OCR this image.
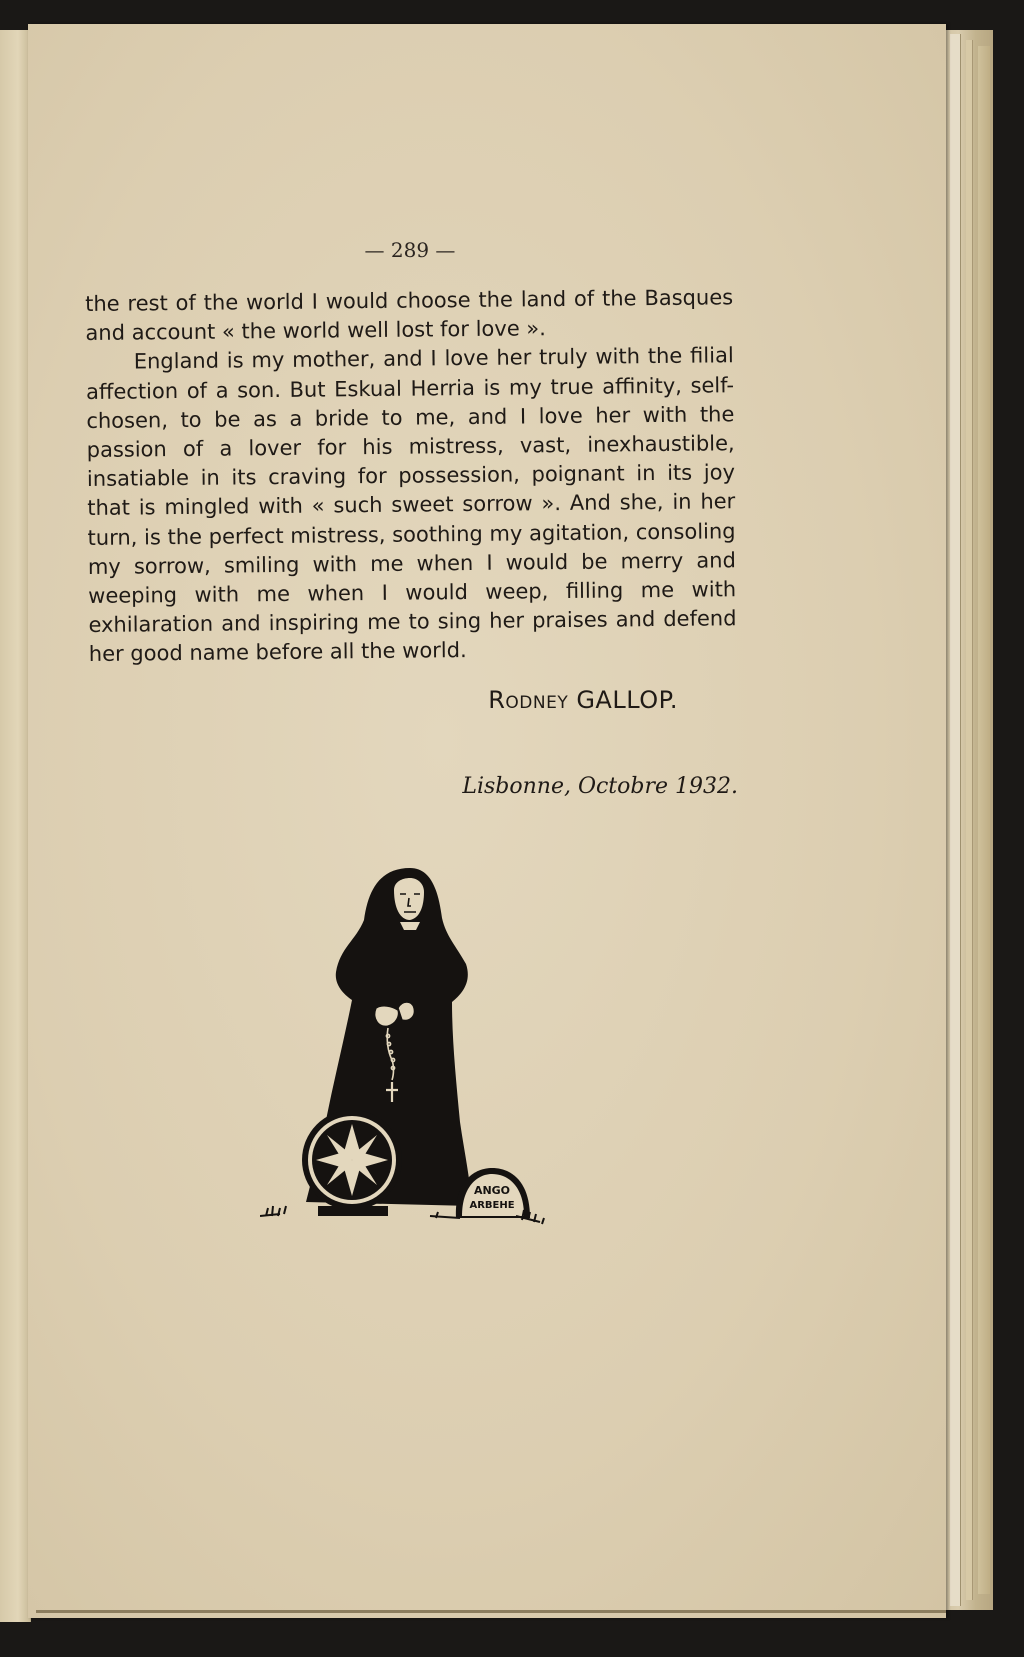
— 289 —

the rest of the world I would choose the land of the Basques and account « the world well lost for love ».

England is my mother, and I love her truly with the filial affection of a son. But Eskual Herria is my true affinity, self-chosen, to be as a bride to me, and I love her with the passion of a lover for his mistress, vast, inexhaustible, insatiable in its craving for possession, poignant in its joy that is mingled with « such sweet sorrow ». And she, in her turn, is the perfect mistress, soothing my agitation, consoling my sorrow, smiling with me when I would be merry and weeping with me when I would weep, filling me with exhilaration and inspiring me to sing her praises and defend her good name before all the world.

Rodney GALLOP.
Lisbonne, Octobre 1932.
ANGO
ARBEHE
